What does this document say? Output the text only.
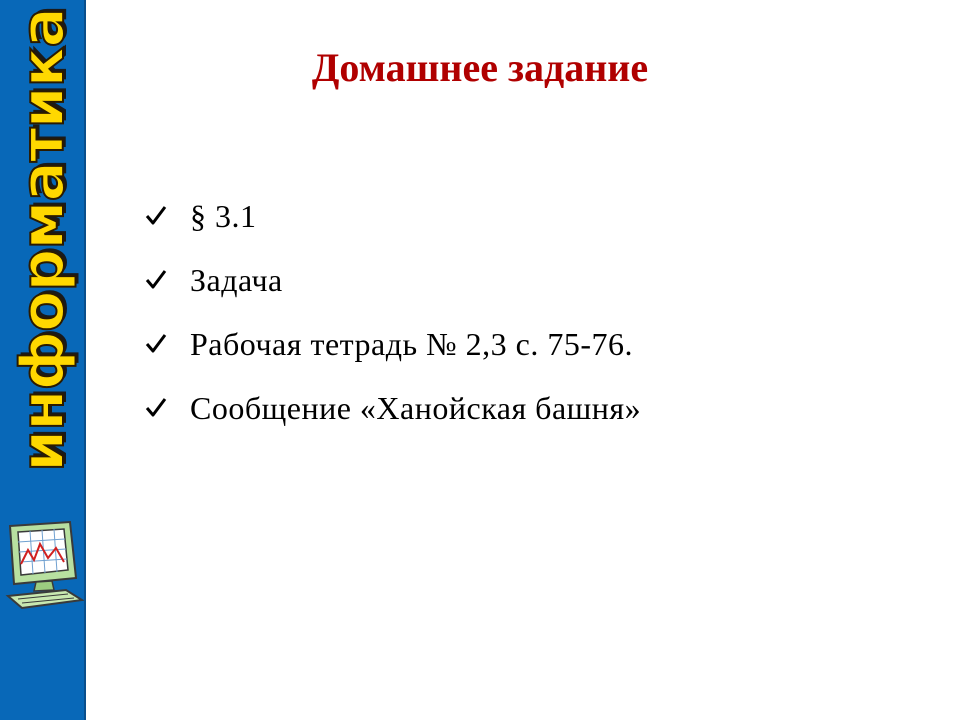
информатика	Домашнее задание
§ 3.1
Задача
Рабочая тетрадь № 2,3 с. 75-76.
Сообщение «Ханойская башня»
